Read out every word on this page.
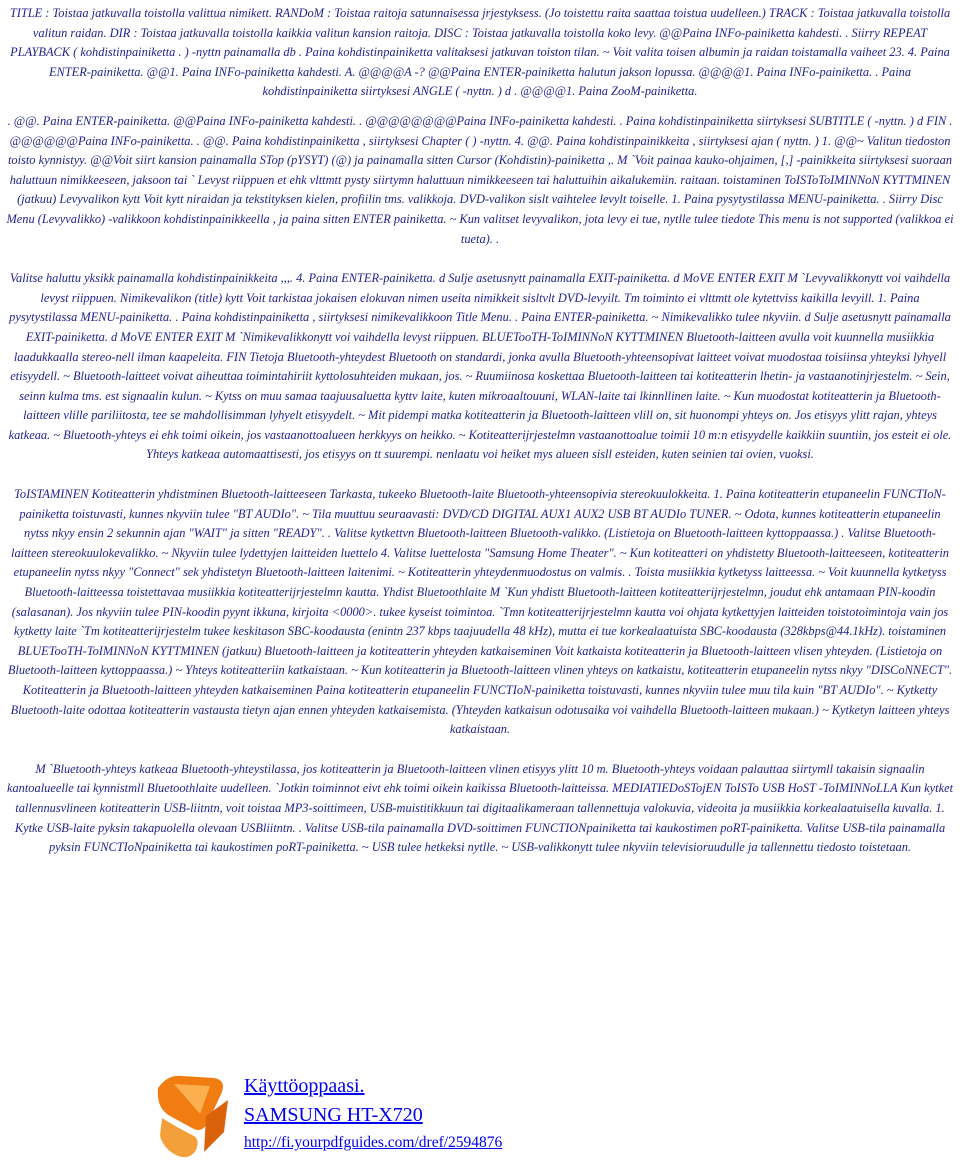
TITLE : Toistaa jatkuvalla toistolla valittua nimikett. RANDoM : Toistaa raitoja satunnaisessa jrjestyksess. (Jo toistettu raita saattaa toistua uudelleen.) TRACK : Toistaa jatkuvalla toistolla valitun raidan. DIR : Toistaa jatkuvalla toistolla kaikkia valitun kansion raitoja. DISC : Toistaa jatkuvalla toistolla koko levy. @@Paina INFo-painiketta kahdesti. . Siirry REPEAT PLAYBACK ( kohdistinpainiketta . ) -nyttn painamalla db . Paina kohdistinpainiketta valitaksesi jatkuvan toiston tilan. ~ Voit valita toisen albumin ja raidan toistamalla vaiheet 23. 4. Paina ENTER-painiketta. @@1. Paina INFo-painiketta kahdesti. A. @@@@A -? @@Paina ENTER-painiketta halutun jakson lopussa. @@@@1. Paina INFo-painiketta. . Paina kohdistinpainiketta siirtyksesi ANGLE ( -nyttn. ) d . @@@@1. Paina ZooM-painiketta.

. @@. Paina ENTER-painiketta. @@Paina INFo-painiketta kahdesti. . @@@@@@@@Paina INFo-painiketta kahdesti. . Paina kohdistinpainiketta siirtyksesi SUBTITLE ( -nyttn. ) d FIN . @@@@@@Paina INFo-painiketta. . @@. Paina kohdistinpainiketta , siirtyksesi Chapter ( ) -nyttn. 4. @@. Paina kohdistinpainikkeita , siirtyksesi ajan ( nyttn. ) 1. @@~ Valitun tiedoston toisto kynnistyy. @@Voit siirt kansion painamalla STop (pYSYT) (@) ja painamalla sitten Cursor (Kohdistin)-painiketta ,. M `Voit painaa kauko-ohjaimen, [,] -painikkeita siirtyksesi suoraan haluttuun nimikkeeseen, jaksoon tai ` Levyst riippuen et ehk vlttmtt pysty siirtymn haluttuun nimikkeeseen tai haluttuihin aikalukemiin. raitaan. toistaminen ToISToToIMINNoN KYTTMINEN (jatkuu) Levyvalikon kytt Voit kytt niraidan ja tekstityksen kielen, profiilin tms. valikkoja. DVD-valikon sislt vaihtelee levylt toiselle. 1. Paina pysytystilassa MENU-painiketta. . Siirry Disc Menu (Levyvalikko) -valikkoon kohdistinpainikkeella , ja paina sitten ENTER painiketta. ~ Kun valitset levyvalikon, jota levy ei tue, nytlle tulee tiedote This menu is not supported (valikkoa ei tueta). .

Valitse haluttu yksikk painamalla kohdistinpainikkeita ,,,. 4. Paina ENTER-painiketta. d Sulje asetusnytt painamalla EXIT-painiketta. d MoVE ENTER EXIT M `Levyvalikkonytt voi vaihdella levyst riippuen. Nimikevalikon (title) kytt Voit tarkistaa jokaisen elokuvan nimen useita nimikkeit sisltvlt DVD-levyilt. Tm toiminto ei vlttmtt ole kytettviss kaikilla levyill. 1. Paina pysytystilassa MENU-painiketta. . Paina kohdistinpainiketta , siirtyksesi nimikevalikkoon Title Menu. . Paina ENTER-painiketta. ~ Nimikevalikko tulee nkyviin. d Sulje asetusnytt painamalla EXIT-painiketta. d MoVE ENTER EXIT M `Nimikevalikkonytt voi vaihdella levyst riippuen. BLUETooTH-ToIMINNoN KYTTMINEN Bluetooth-laitteen avulla voit kuunnella musiikkia laadukkaalla stereo-nell ilman kaapeleita. FIN Tietoja Bluetooth-yhteydest Bluetooth on standardi, jonka avulla Bluetooth-yhteensopivat laitteet voivat muodostaa toisiinsa yhteyksi lyhyell etisyydell. ~ Bluetooth-laitteet voivat aiheuttaa toimintahiriit kyttolosuhteiden mukaan, jos. ~ Ruumiinosa koskettaa Bluetooth-laitteen tai kotiteatterin lhetin- ja vastaanotinjrjestelm. ~ Sein, seinn kulma tms. est signaalin kulun. ~ Kytss on muu samaa taajuusaluetta kyttv laite, kuten mikroaaltouuni, WLAN-laite tai lkinnllinen laite. ~ Kun muodostat kotiteatterin ja Bluetooth-laitteen vlille pariliitosta, tee se mahdollisimman lyhyelt etisyydelt. ~ Mit pidempi matka kotiteatterin ja Bluetooth-laitteen vlill on, sit huonompi yhteys on. Jos etisyys ylitt rajan, yhteys katkeaa. ~ Bluetooth-yhteys ei ehk toimi oikein, jos vastaanottoalueen herkkyys on heikko. ~ Kotiteatterijrjestelmn vastaanottoalue toimii 10 m:n etisyydelle kaikkiin suuntiin, jos esteit ei ole. Yhteys katkeaa automaattisesti, jos etisyys on tt suurempi. nenlaatu voi heiket mys alueen sisll esteiden, kuten seinien tai ovien, vuoksi.

ToISTAMINEN Kotiteatterin yhdistminen Bluetooth-laitteeseen Tarkasta, tukeeko Bluetooth-laite Bluetooth-yhteensopivia stereokuulokkeita. 1. Paina kotiteatterin etupaneelin FUNCTIoN-painiketta toistuvasti, kunnes nkyviin tulee "BT AUDIo". ~ Tila muuttuu seuraavasti: DVD/CD DIGITAL AUX1 AUX2 USB BT AUDIo TUNER. ~ Odota, kunnes kotiteatterin etupaneelin nytss nkyy ensin 2 sekunnin ajan "WAIT" ja sitten "READY". . Valitse kytkettvn Bluetooth-laitteen Bluetooth-valikko. (Listietoja on Bluetooth-laitteen kyttoppaassa.) . Valitse Bluetooth-laitteen stereokuulokevalikko. ~ Nkyviin tulee lydettyjen laitteiden luettelo 4. Valitse luettelosta "Samsung Home Theater". ~ Kun kotiteatteri on yhdistetty Bluetooth-laitteeseen, kotiteatterin etupaneelin nytss nkyy "Connect" sek yhdistetyn Bluetooth-laitteen laitenimi. ~ Kotiteatterin yhteydenmuodostus on valmis. . Toista musiikkia kytketyss laitteessa. ~ Voit kuunnella kytketyss Bluetooth-laitteessa toistettavaa musiikkia kotiteatterijrjestelmn kautta. Yhdist Bluetoothlaite M `Kun yhdistt Bluetooth-laitteen kotiteatterijrjestelmn, joudut ehk antamaan PIN-koodin (salasanan). Jos nkyviin tulee PIN-koodin pyynt ikkuna, kirjoita <0000>. tukee kyseist toimintoa. `Tmn kotiteatterijrjestelmn kautta voi ohjata kytkettyjen laitteiden toistotoimintoja vain jos kytketty laite `Tm kotiteatterijrjestelm tukee keskitason SBC-koodausta (enintn 237 kbps taajuudella 48 kHz), mutta ei tue korkealaatuista SBC-koodausta (328kbps@44.1kHz). toistaminen BLUETooTH-ToIMINNoN KYTTMINEN (jatkuu) Bluetooth-laitteen ja kotiteatterin yhteyden katkaiseminen Voit katkaista kotiteatterin ja Bluetooth-laitteen vlisen yhteyden. (Listietoja on Bluetooth-laitteen kyttoppaassa.) ~ Yhteys kotiteatteriin katkaistaan. ~ Kun kotiteatterin ja Bluetooth-laitteen vlinen yhteys on katkaistu, kotiteatterin etupaneelin nytss nkyy "DISCoNNECT". Kotiteatterin ja Bluetooth-laitteen yhteyden katkaiseminen Paina kotiteatterin etupaneelin FUNCTIoN-painiketta toistuvasti, kunnes nkyviin tulee muu tila kuin "BT AUDIo". ~ Kytketty Bluetooth-laite odottaa kotiteatterin vastausta tietyn ajan ennen yhteyden katkaisemista. (Yhteyden katkaisun odotusaika voi vaihdella Bluetooth-laitteen mukaan.) ~ Kytketyn laitteen yhteys katkaistaan.

M `Bluetooth-yhteys katkeaa Bluetooth-yhteystilassa, jos kotiteatterin ja Bluetooth-laitteen vlinen etisyys ylitt 10 m. Bluetooth-yhteys voidaan palauttaa siirtymll takaisin signaalin kantoalueelle tai kynnistmll Bluetoothlaite uudelleen. `Jotkin toiminnot eivt ehk toimi oikein kaikissa Bluetooth-laitteissa. MEDIATIEDoSTojEN ToISTo USB HoST -ToIMINNoLLA Kun kytket tallennusvlineen kotiteatterin USB-liitntn, voit toistaa MP3-soittimeen, USB-muistitikkuun tai digitaalikameraan tallennettuja valokuvia, videoita ja musiikkia korkealaatuisella kuvalla. 1. Kytke USB-laite pyksin takapuolella olevaan USBliitntn. . Valitse USB-tila painamalla DVD-soittimen FUNCTIONpainiketta tai kaukostimen poRT-painiketta. Valitse USB-tila painamalla pyksin FUNCTIoNpainiketta tai kaukostimen poRT-painiketta. ~ USB tulee hetkeksi nytlle. ~ USB-valikkonytt tulee nkyviin televisioruudulle ja tallennettu tiedosto toistetaan.

Käyttöoppaasi.
SAMSUNG HT-X720
http://fi.yourpdfguides.com/dref/2594876
